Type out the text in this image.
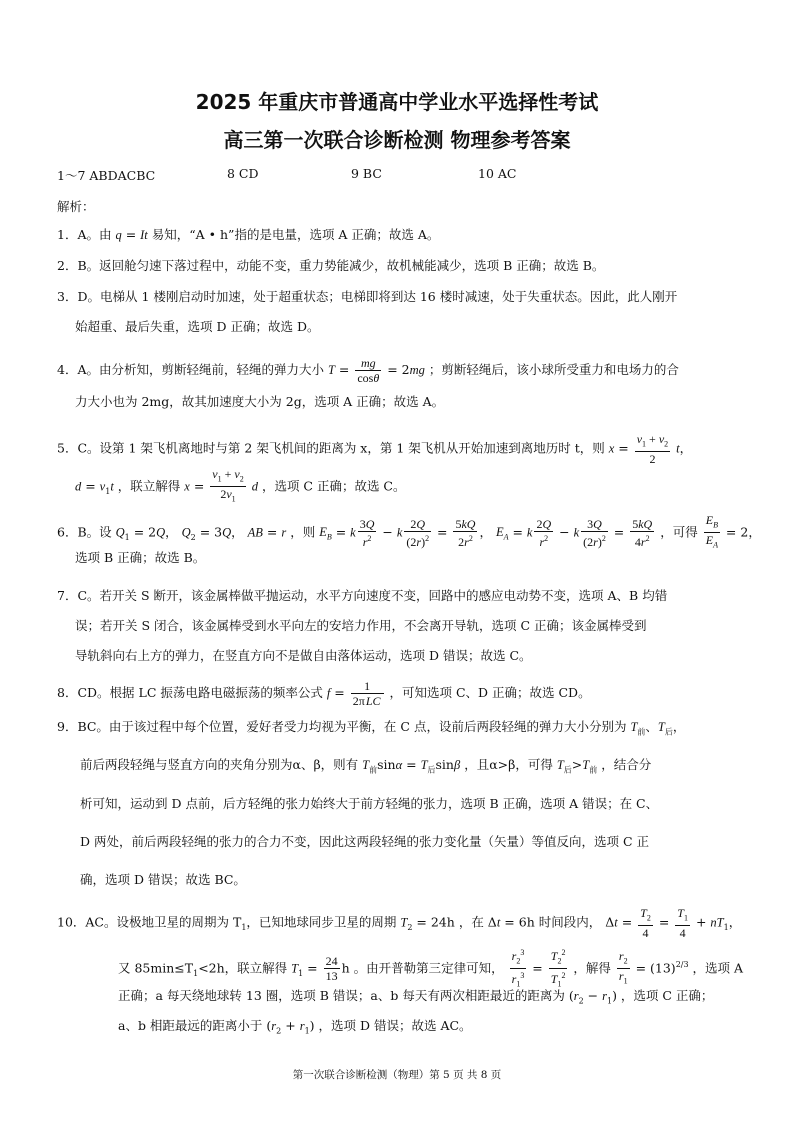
2025 年重庆市普通高中学业水平选择性考试
高三第一次联合诊断检测 物理参考答案
1～7 ABDACBC	8 CD	9 BC	10 AC
解析：
1．A。由 q = It 易知，“A • h”指的是电量，选项 A 正确；故选 A。
2．B。返回舱匀速下落过程中，动能不变，重力势能减少，故机械能减少，选项 B 正确；故选 B。
3．D。电梯从 1 楼刚启动时加速，处于超重状态；电梯即将到达 16 楼时减速，处于失重状态。因此，此人刚开
始超重、最后失重，选项 D 正确；故选 D。
4．A。由分析知，剪断轻绳前，轻绳的弹力大小 $T = \frac{mg}{\cos\theta} = 2mg$ ；剪断轻绳后，该小球所受重力和电场力的合
力大小也为 2mg，故其加速度大小为 2g，选项 A 正确；故选 A。
5．C。设第 1 架飞机离地时与第 2 架飞机间的距离为 x，第 1 架飞机从开始加速到离地历时 t，则 $x = \frac{v_1 + v_2}{2}$ t，
$d = v_1t$ ，联立解得 $x = \frac{v_1 + v_2}{2v_1}$ d ，选项 C 正确；故选 C。
6．B。设 $Q_1 = 2Q$， $Q_2 = 3Q$， AB = r ，则 $E_B = k \frac{3Q}{r^2} - k \frac{2Q}{(2r)^2} = \frac{5kQ}{2r^2}$ ， $E_A = k \frac{2Q}{r^2} - k \frac{3Q}{(2r)^2} = \frac{5kQ}{4r^2}$ ，可得 $\frac{E_B}{E_A} = 2$，
选项 B 正确；故选 B。
7．C。若开关 S 断开，该金属棒做平抛运动，水平方向速度不变，回路中的感应电动势不变，选项 A、B 均错
误；若开关 S 闭合，该金属棒受到水平向左的安培力作用，不会离开导轨，选项 C 正确；该金属棒受到
导轨斜向右上方的弹力，在竖直方向不是做自由落体运动，选项 D 错误；故选 C。
8．CD。根据 LC 振荡电路电磁振荡的频率公式 $f = \frac{1}{\text{2πLC}}$ ，可知选项 C、D 正确；故选 CD。
9．BC。由于该过程中每个位置，爱好者受力均视为平衡，在 C 点，设前后两段轻绳的弹力大小分别为 $T_前$、$T_后$，
前后两段轻绳与竖直方向的夹角分别为α、β，则有 $T_前\sin\alpha = T_后\sin\beta$ ，且α>β，可得 $T_后>T_前$ ，结合分
析可知，运动到 D 点前，后方轻绳的张力始终大于前方轻绳的张力，选项 B 正确，选项 A 错误；在 C、
D 两处，前后两段轻绳的张力的合力不变，因此这两段轻绳的张力变化量（矢量）等值反向，选项 C 正
确，选项 D 错误；故选 BC。
10．AC。设极地卫星的周期为 $T_1$，已知地球同步卫星的周期 $T_2 = 24h$ ，在 Δt = 6h 时间段内， $\Delta t = \frac{T_2}{4} = \frac{T_1}{4} + nT_1$，
又 $85\min\le T_1<2h$，联立解得 $T_1 = \frac{24}{13}$ h 。由开普勒第三定律可知， $\frac{r_2^3}{r_1^3} = \frac{T_2^2}{T_1^2}$ ，解得 $\frac{r_2}{r_1} = (13)^{2/3}$ ，选项 A
正确；a 每天绕地球转 13 圈，选项 B 错误；a、b 每天有两次相距最近的距离为 $(r_2 - r_1)$ ，选项 C 正确；
a、b 相距最远的距离小于 $(r_2 + r_1)$ ，选项 D 错误；故选 AC。
第一次联合诊断检测（物理）第 5 页 共 8 页
